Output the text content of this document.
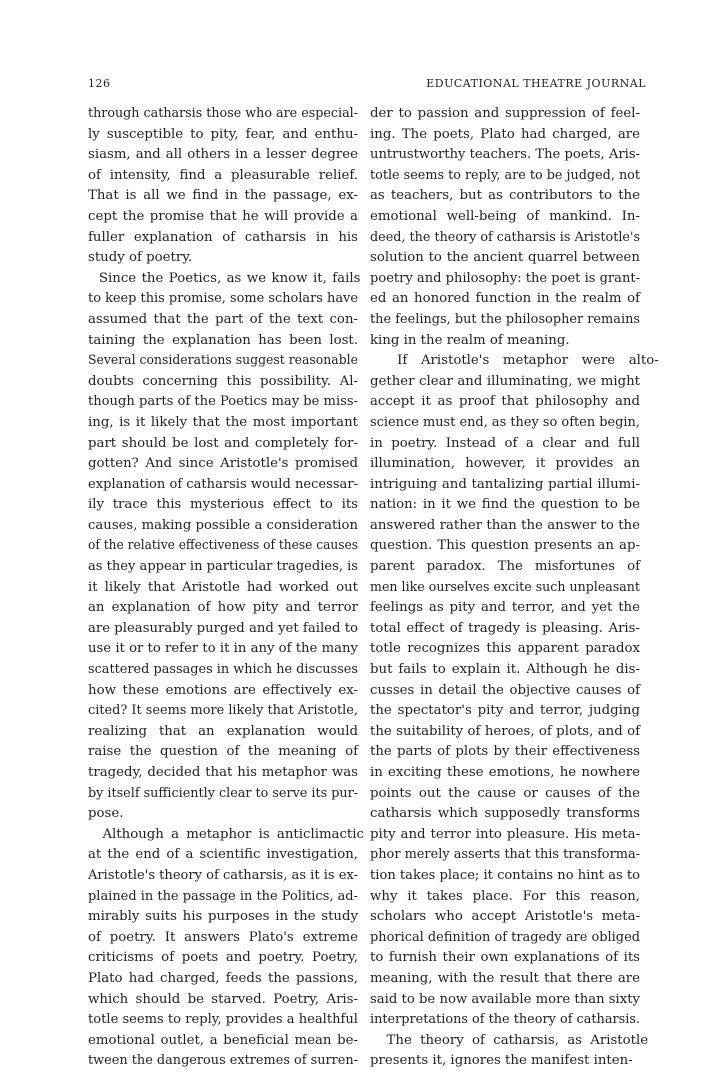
126	EDUCATIONAL THEATRE JOURNAL
through catharsis those who are especial-
ly susceptible to pity, fear, and enthu-
siasm, and all others in a lesser degree
of intensity, find a pleasurable relief.
That is all we find in the passage, ex-
cept the promise that he will provide a
fuller explanation of catharsis in his
study of poetry.
Since the Poetics, as we know it, fails
to keep this promise, some scholars have
assumed that the part of the text con-
taining the explanation has been lost.
Several considerations suggest reasonable
doubts concerning this possibility. Al-
though parts of the Poetics may be miss-
ing, is it likely that the most important
part should be lost and completely for-
gotten? And since Aristotle's promised
explanation of catharsis would necessar-
ily trace this mysterious effect to its
causes, making possible a consideration
of the relative effectiveness of these causes
as they appear in particular tragedies, is
it likely that Aristotle had worked out
an explanation of how pity and terror
are pleasurably purged and yet failed to
use it or to refer to it in any of the many
scattered passages in which he discusses
how these emotions are effectively ex-
cited? It seems more likely that Aristotle,
realizing that an explanation would
raise the question of the meaning of
tragedy, decided that his metaphor was
by itself sufficiently clear to serve its pur-
pose.
Although a metaphor is anticlimactic
at the end of a scientific investigation,
Aristotle's theory of catharsis, as it is ex-
plained in the passage in the Politics, ad-
mirably suits his purposes in the study
of poetry. It answers Plato's extreme
criticisms of poets and poetry. Poetry,
Plato had charged, feeds the passions,
which should be starved. Poetry, Aris-
totle seems to reply, provides a healthful
emotional outlet, a beneficial mean be-
tween the dangerous extremes of surren-
der to passion and suppression of feel-
ing. The poets, Plato had charged, are
untrustworthy teachers. The poets, Aris-
totle seems to reply, are to be judged, not
as teachers, but as contributors to the
emotional well-being of mankind. In-
deed, the theory of catharsis is Aristotle's
solution to the ancient quarrel between
poetry and philosophy: the poet is grant-
ed an honored function in the realm of
the feelings, but the philosopher remains
king in the realm of meaning.
If Aristotle's metaphor were alto-
gether clear and illuminating, we might
accept it as proof that philosophy and
science must end, as they so often begin,
in poetry. Instead of a clear and full
illumination, however, it provides an
intriguing and tantalizing partial illumi-
nation: in it we find the question to be
answered rather than the answer to the
question. This question presents an ap-
parent paradox. The misfortunes of
men like ourselves excite such unpleasant
feelings as pity and terror, and yet the
total effect of tragedy is pleasing. Aris-
totle recognizes this apparent paradox
but fails to explain it. Although he dis-
cusses in detail the objective causes of
the spectator's pity and terror, judging
the suitability of heroes, of plots, and of
the parts of plots by their effectiveness
in exciting these emotions, he nowhere
points out the cause or causes of the
catharsis which supposedly transforms
pity and terror into pleasure. His meta-
phor merely asserts that this transforma-
tion takes place; it contains no hint as to
why it takes place. For this reason,
scholars who accept Aristotle's meta-
phorical definition of tragedy are obliged
to furnish their own explanations of its
meaning, with the result that there are
said to be now available more than sixty
interpretations of the theory of catharsis.
The theory of catharsis, as Aristotle
presents it, ignores the manifest inten-
